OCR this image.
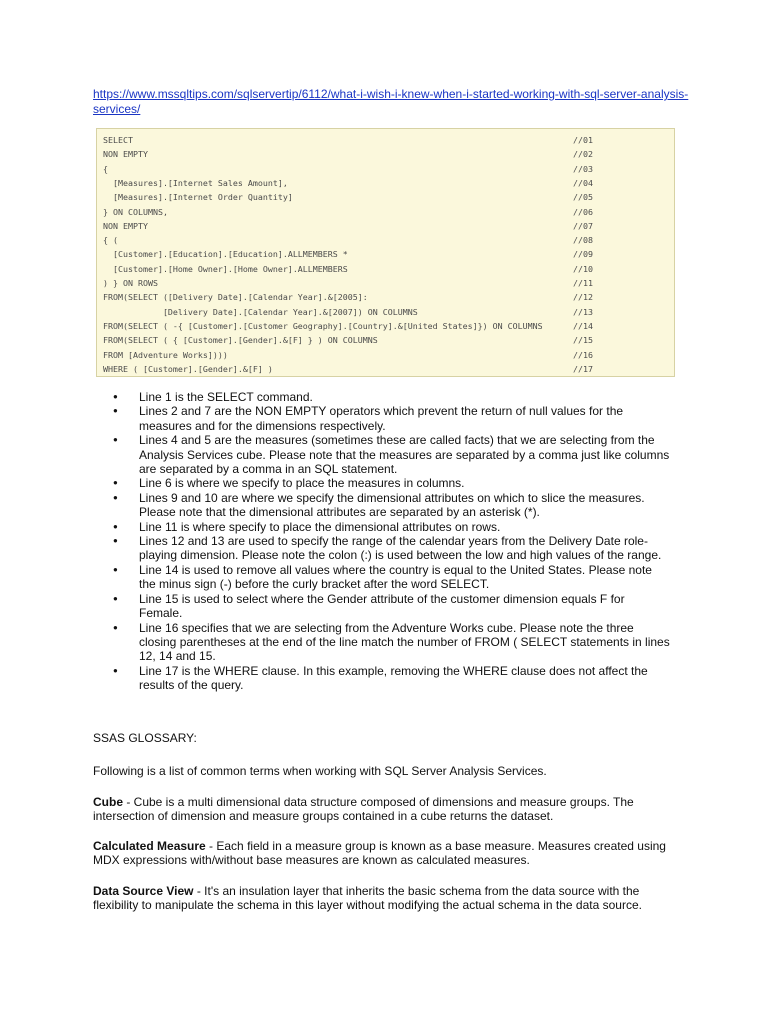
https://www.mssqltips.com/sqlservertip/6112/what-i-wish-i-knew-when-i-started-working-with-sql-server-analysis-services/
SELECT	//01
NON EMPTY	//02
{	//03
[Measures].[Internet Sales Amount],	//04
[Measures].[Internet Order Quantity]	//05
} ON COLUMNS,	//06
NON EMPTY	//07
{ (	//08
[Customer].[Education].[Education].ALLMEMBERS *	//09
[Customer].[Home Owner].[Home Owner].ALLMEMBERS	//10
) } ON ROWS	//11
FROM(SELECT ([Delivery Date].[Calendar Year].&[2005]:	//12
[Delivery Date].[Calendar Year].&[2007]) ON COLUMNS	//13
FROM(SELECT ( -{ [Customer].[Customer Geography].[Country].&[United States]}) ON COLUMNS	//14
FROM(SELECT ( { [Customer].[Gender].&[F] } ) ON COLUMNS	//15
FROM [Adventure Works])))	//16
WHERE ( [Customer].[Gender].&[F] )	//17
● Line 1 is the SELECT command.
● Lines 2 and 7 are the NON EMPTY operators which prevent the return of null values for the measures and for the dimensions respectively.
● Lines 4 and 5 are the measures (sometimes these are called facts) that we are selecting from the Analysis Services cube. Please note that the measures are separated by a comma just like columns are separated by a comma in an SQL statement.
● Line 6 is where we specify to place the measures in columns.
● Lines 9 and 10 are where we specify the dimensional attributes on which to slice the measures. Please note that the dimensional attributes are separated by an asterisk (*).
● Line 11 is where specify to place the dimensional attributes on rows.
● Lines 12 and 13 are used to specify the range of the calendar years from the Delivery Date role-playing dimension. Please note the colon (:) is used between the low and high values of the range.
● Line 14 is used to remove all values where the country is equal to the United States. Please note the minus sign (-) before the curly bracket after the word SELECT.
● Line 15 is used to select where the Gender attribute of the customer dimension equals F for Female.
● Line 16 specifies that we are selecting from the Adventure Works cube. Please note the three closing parentheses at the end of the line match the number of FROM ( SELECT statements in lines 12, 14 and 15.
● Line 17 is the WHERE clause. In this example, removing the WHERE clause does not affect the results of the query.
SSAS GLOSSARY:
Following is a list of common terms when working with SQL Server Analysis Services.
Cube - Cube is a multi dimensional data structure composed of dimensions and measure groups. The intersection of dimension and measure groups contained in a cube returns the dataset.
Calculated Measure - Each field in a measure group is known as a base measure. Measures created using MDX expressions with/without base measures are known as calculated measures.
Data Source View - It's an insulation layer that inherits the basic schema from the data source with the flexibility to manipulate the schema in this layer without modifying the actual schema in the data source.
